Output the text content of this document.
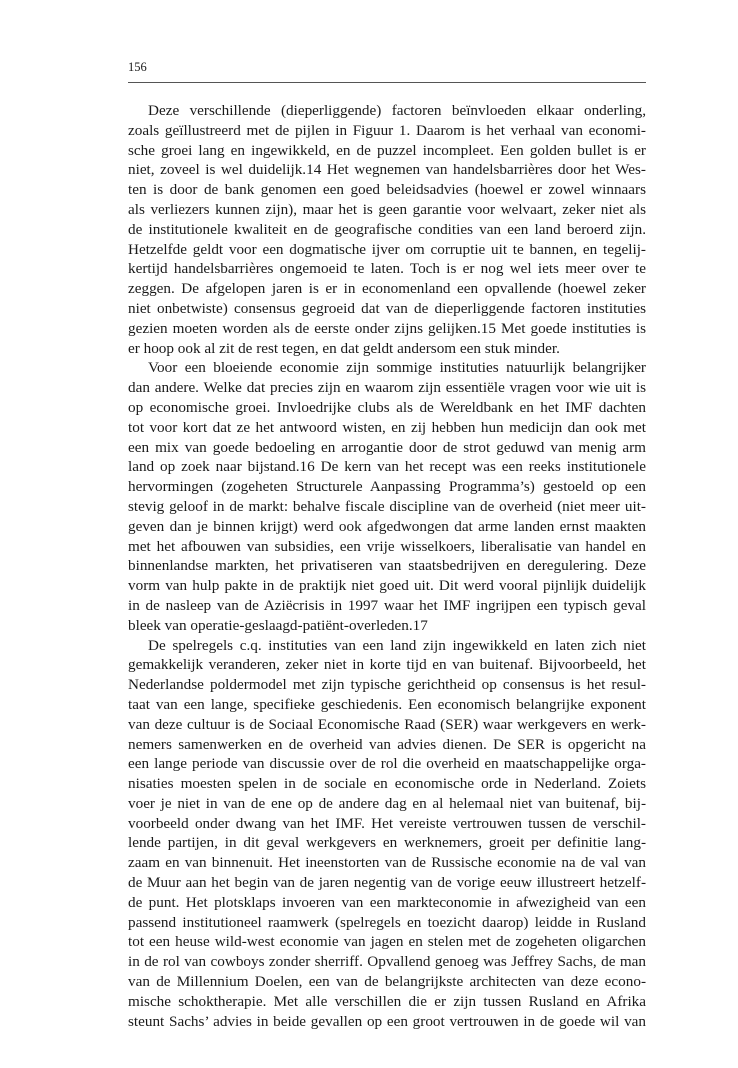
156
Deze verschillende (dieperliggende) factoren beïnvloeden elkaar onderling,
zoals geïllustreerd met de pijlen in Figuur 1. Daarom is het verhaal van economi-
sche groei lang en ingewikkeld, en de puzzel incompleet. Een golden bullet is er
niet, zoveel is wel duidelijk.14 Het wegnemen van handelsbarrières door het Wes-
ten is door de bank genomen een goed beleidsadvies (hoewel er zowel winnaars
als verliezers kunnen zijn), maar het is geen garantie voor welvaart, zeker niet als
de institutionele kwaliteit en de geografische condities van een land beroerd zijn.
Hetzelfde geldt voor een dogmatische ijver om corruptie uit te bannen, en tegelij-
kertijd handelsbarrières ongemoeid te laten. Toch is er nog wel iets meer over te
zeggen. De afgelopen jaren is er in economenland een opvallende (hoewel zeker
niet onbetwiste) consensus gegroeid dat van de dieperliggende factoren instituties
gezien moeten worden als de eerste onder zijns gelijken.15 Met goede instituties is
er hoop ook al zit de rest tegen, en dat geldt andersom een stuk minder.
Voor een bloeiende economie zijn sommige instituties natuurlijk belangrijker
dan andere. Welke dat precies zijn en waarom zijn essentiële vragen voor wie uit is
op economische groei. Invloedrijke clubs als de Wereldbank en het IMF dachten
tot voor kort dat ze het antwoord wisten, en zij hebben hun medicijn dan ook met
een mix van goede bedoeling en arrogantie door de strot geduwd van menig arm
land op zoek naar bijstand.16 De kern van het recept was een reeks institutionele
hervormingen (zogeheten Structurele Aanpassing Programma’s) gestoeld op een
stevig geloof in de markt: behalve fiscale discipline van de overheid (niet meer uit-
geven dan je binnen krijgt) werd ook afgedwongen dat arme landen ernst maakten
met het afbouwen van subsidies, een vrije wisselkoers, liberalisatie van handel en
binnenlandse markten, het privatiseren van staatsbedrijven en deregulering. Deze
vorm van hulp pakte in de praktijk niet goed uit. Dit werd vooral pijnlijk duidelijk
in de nasleep van de Aziëcrisis in 1997 waar het IMF ingrijpen een typisch geval
bleek van operatie-geslaagd-patiënt-overleden.17
De spelregels c.q. instituties van een land zijn ingewikkeld en laten zich niet
gemakkelijk veranderen, zeker niet in korte tijd en van buitenaf. Bijvoorbeeld, het
Nederlandse poldermodel met zijn typische gerichtheid op consensus is het resul-
taat van een lange, specifieke geschiedenis. Een economisch belangrijke exponent
van deze cultuur is de Sociaal Economische Raad (SER) waar werkgevers en werk-
nemers samenwerken en de overheid van advies dienen. De SER is opgericht na
een lange periode van discussie over de rol die overheid en maatschappelijke orga-
nisaties moesten spelen in de sociale en economische orde in Nederland. Zoiets
voer je niet in van de ene op de andere dag en al helemaal niet van buitenaf, bij-
voorbeeld onder dwang van het IMF. Het vereiste vertrouwen tussen de verschil-
lende partijen, in dit geval werkgevers en werknemers, groeit per definitie lang-
zaam en van binnenuit. Het ineenstorten van de Russische economie na de val van
de Muur aan het begin van de jaren negentig van de vorige eeuw illustreert hetzelf-
de punt. Het plotsklaps invoeren van een markteconomie in afwezigheid van een
passend institutioneel raamwerk (spelregels en toezicht daarop) leidde in Rusland
tot een heuse wild-west economie van jagen en stelen met de zogeheten oligarchen
in de rol van cowboys zonder sherriff. Opvallend genoeg was Jeffrey Sachs, de man
van de Millennium Doelen, een van de belangrijkste architecten van deze econo-
mische schoktherapie. Met alle verschillen die er zijn tussen Rusland en Afrika
steunt Sachs’ advies in beide gevallen op een groot vertrouwen in de goede wil van
